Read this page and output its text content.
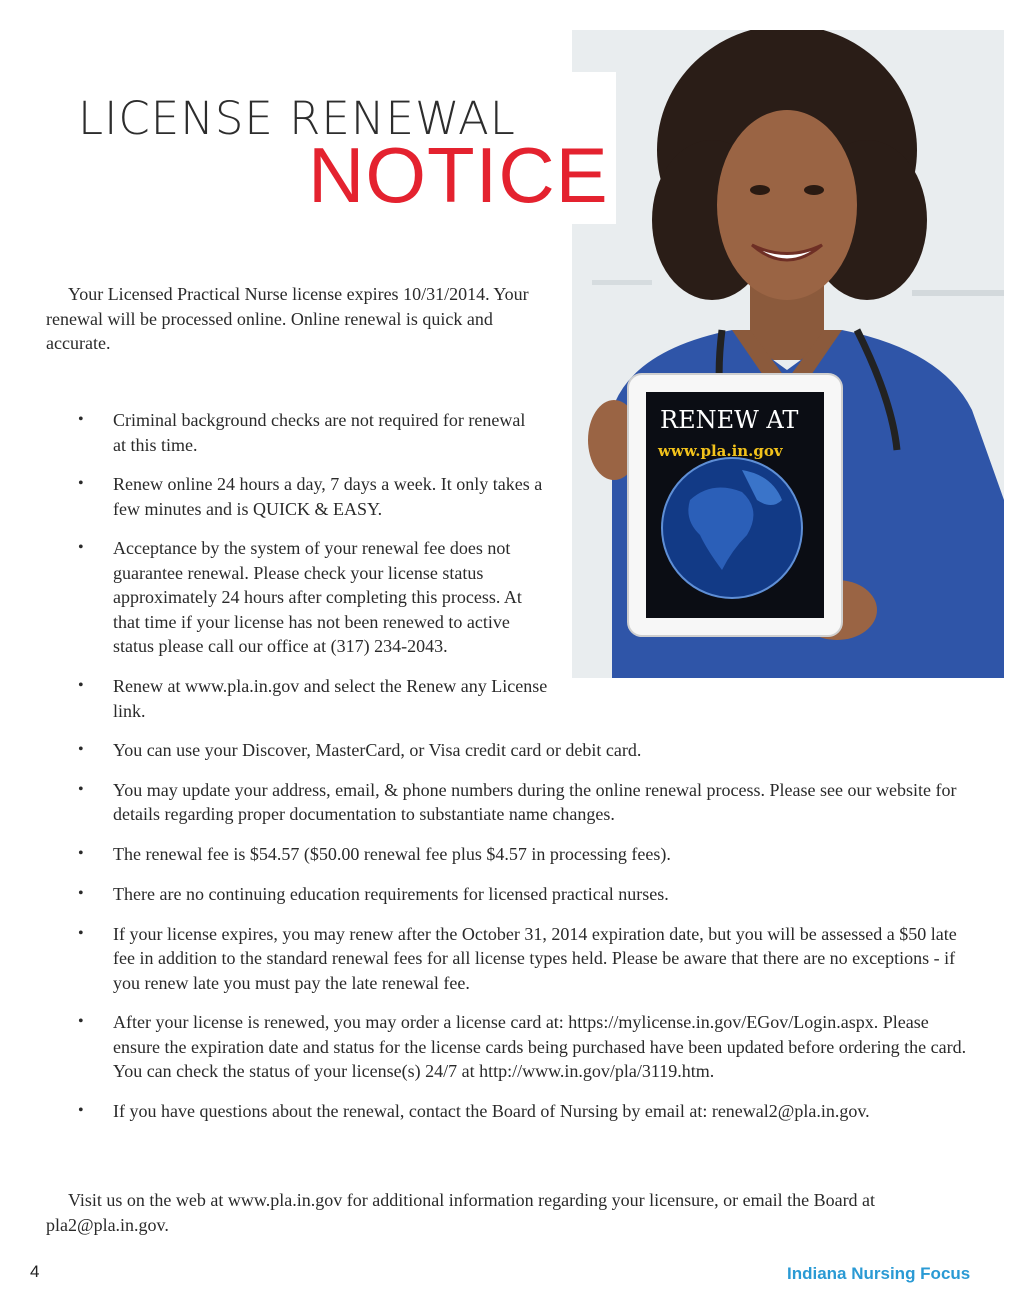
RENEW AT
www.pla.in.gov
LICENSE RENEWAL
NOTICE

Your Licensed Practical Nurse license expires 10/31/2014. Your renewal will be processed online. Online renewal is quick and accurate.

• Criminal background checks are not required for renewal at this time.
• Renew online 24 hours a day, 7 days a week. It only takes a few minutes and is QUICK & EASY.
• Acceptance by the system of your renewal fee does not guarantee renewal. Please check your license status approximately 24 hours after completing this process. At that time if your license has not been renewed to active status please call our office at (317) 234-2043.
• Renew at www.pla.in.gov and select the Renew any License link.
• You can use your Discover, MasterCard, or Visa credit card or debit card.
• You may update your address, email, & phone numbers during the online renewal process. Please see our website for details regarding proper documentation to substantiate name changes.
• The renewal fee is $54.57 ($50.00 renewal fee plus $4.57 in processing fees).
• There are no continuing education requirements for licensed practical nurses.
• If your license expires, you may renew after the October 31, 2014 expiration date, but you will be assessed a $50 late fee in addition to the standard renewal fees for all license types held. Please be aware that there are no exceptions - if you renew late you must pay the late renewal fee.
• After your license is renewed, you may order a license card at: https://mylicense.in.gov/EGov/Login.aspx. Please ensure the expiration date and status for the license cards being purchased have been updated before ordering the card. You can check the status of your license(s) 24/7 at http://www.in.gov/pla/3119.htm.
• If you have questions about the renewal, contact the Board of Nursing by email at: renewal2@pla.in.gov.

Visit us on the web at www.pla.in.gov for additional information regarding your licensure, or email the Board at pla2@pla.in.gov.

4	Indiana Nursing Focus
